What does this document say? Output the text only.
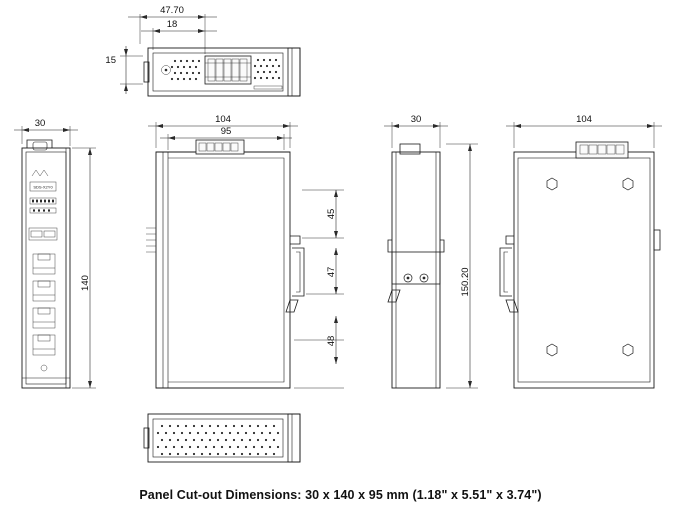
47.70
18
15
SDS-X2Y0
30
140
104
95
45
47
48
30
150.20
104
Panel Cut-out Dimensions: 30 x 140 x 95 mm (1.18" x 5.51" x 3.74")
